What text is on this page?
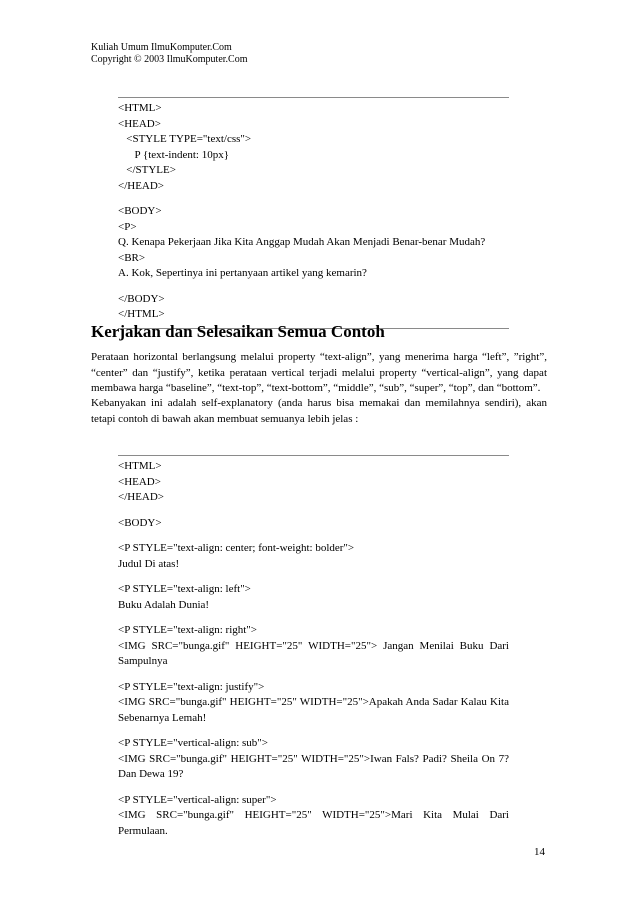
Kuliah Umum IlmuKomputer.Com
Copyright © 2003 IlmuKomputer.Com
<HTML>
<HEAD>
<STYLE TYPE="text/css">
P {text-indent: 10px}
</STYLE>
</HEAD>
<BODY>
<P>
Q. Kenapa Pekerjaan Jika Kita Anggap Mudah Akan Menjadi Benar-benar Mudah?
<BR>
A. Kok, Sepertinya ini pertanyaan artikel yang kemarin?
</BODY>
</HTML>
Kerjakan dan Selesaikan Semua Contoh

Perataan horizontal berlangsung melalui property “text-align”, yang menerima harga “left”, ”right”, “center” dan “justify”, ketika perataan vertical terjadi melalui property “vertical-align”, yang dapat membawa harga “baseline”, “text-top”, “text-bottom”, “middle”, “sub”, “super”, “top”, dan “bottom”.

Kebanyakan ini adalah self-explanatory (anda harus bisa memakai dan memilahnya sendiri), akan tetapi contoh di bawah akan membuat semuanya lebih jelas :

<HTML>
<HEAD>
</HEAD>
<BODY>
<P STYLE="text-align: center; font-weight: bolder">
Judul Di atas!
<P STYLE="text-align: left">
Buku Adalah Dunia!
<P STYLE="text-align: right">
<IMG SRC="bunga.gif" HEIGHT="25" WIDTH="25"> Jangan Menilai Buku Dari Sampulnya
<P STYLE="text-align: justify">
<IMG SRC="bunga.gif" HEIGHT="25" WIDTH="25">Apakah Anda Sadar Kalau Kita Sebenarnya Lemah!
<P STYLE="vertical-align: sub">
<IMG SRC="bunga.gif" HEIGHT="25" WIDTH="25">Iwan Fals? Padi? Sheila On 7? Dan Dewa 19?
<P STYLE="vertical-align: super">
<IMG SRC="bunga.gif" HEIGHT="25" WIDTH="25">Mari Kita Mulai Dari Permulaan.
14
